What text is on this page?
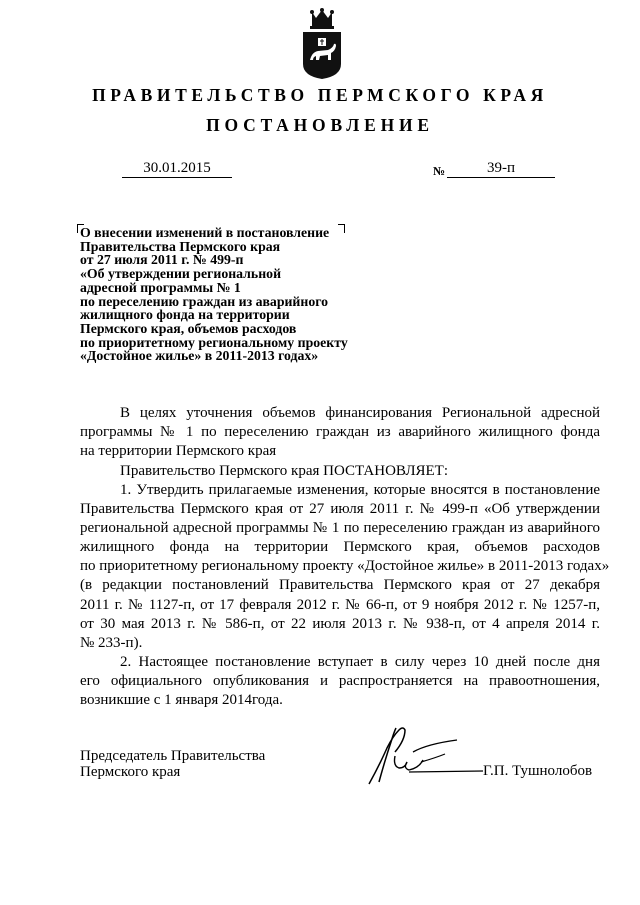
ПРАВИТЕЛЬСТВО ПЕРМСКОГО КРАЯ
ПОСТАНОВЛЕНИЕ
30.01.2015	№	39-п
О внесении изменений в постановление
Правительства Пермского края
от 27 июля 2011 г. № 499-п
«Об утверждении региональной
адресной программы № 1
по переселению граждан из аварийного
жилищного фонда на территории
Пермского края, объемов расходов
по приоритетному региональному проекту
«Достойное жилье» в 2011-2013 годах»
В целях уточнения объемов финансирования Региональной адресной
программы № 1 по переселению граждан из аварийного жилищного фонда
на территории Пермского края
Правительство Пермского края ПОСТАНОВЛЯЕТ:
1. Утвердить прилагаемые изменения, которые вносятся в постановление
Правительства Пермского края от 27 июля 2011 г. № 499-п «Об утверждении
региональной адресной программы № 1 по переселению граждан из аварийного
жилищного фонда на территории Пермского края, объемов расходов
по приоритетному региональному проекту «Достойное жилье» в 2011-2013 годах»
(в редакции постановлений Правительства Пермского края от 27 декабря
2011 г. № 1127-п, от 17 февраля 2012 г. № 66-п, от 9 ноября 2012 г. № 1257-п,
от 30 мая 2013 г. № 586-п, от 22 июля 2013 г. № 938-п, от 4 апреля 2014 г.
№ 233-п).
2. Настоящее постановление вступает в силу через 10 дней после дня
его официального опубликования и распространяется на правоотношения,
возникшие с 1 января 2014года.
Председатель Правительства
Пермского края	Г.П. Тушнолобов
